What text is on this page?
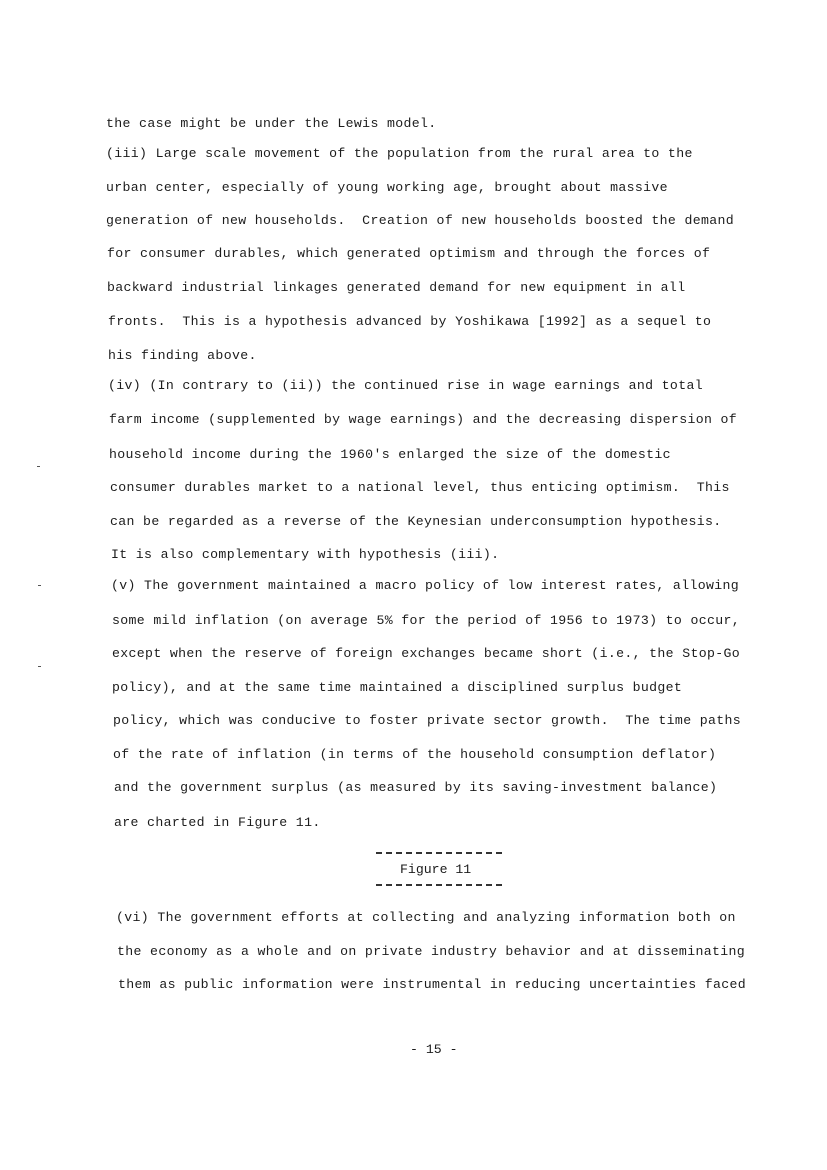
the case might be under the Lewis model.
(iii) Large scale movement of the population from the rural area to the
urban center, especially of young working age, brought about massive
generation of new households.  Creation of new households boosted the demand
for consumer durables, which generated optimism and through the forces of
backward industrial linkages generated demand for new equipment in all
fronts.  This is a hypothesis advanced by Yoshikawa [1992] as a sequel to
his finding above.
(iv) (In contrary to (ii)) the continued rise in wage earnings and total
farm income (supplemented by wage earnings) and the decreasing dispersion of
household income during the 1960's enlarged the size of the domestic
consumer durables market to a national level, thus enticing optimism.  This
can be regarded as a reverse of the Keynesian underconsumption hypothesis.
It is also complementary with hypothesis (iii).
(v) The government maintained a macro policy of low interest rates, allowing
some mild inflation (on average 5% for the period of 1956 to 1973) to occur,
except when the reserve of foreign exchanges became short (i.e., the Stop-Go
policy), and at the same time maintained a disciplined surplus budget
policy, which was conducive to foster private sector growth.  The time paths
of the rate of inflation (in terms of the household consumption deflator)
and the government surplus (as measured by its saving-investment balance)
are charted in Figure 11.
Figure 11
(vi) The government efforts at collecting and analyzing information both on
the economy as a whole and on private industry behavior and at disseminating
them as public information were instrumental in reducing uncertainties faced
- 15 -
